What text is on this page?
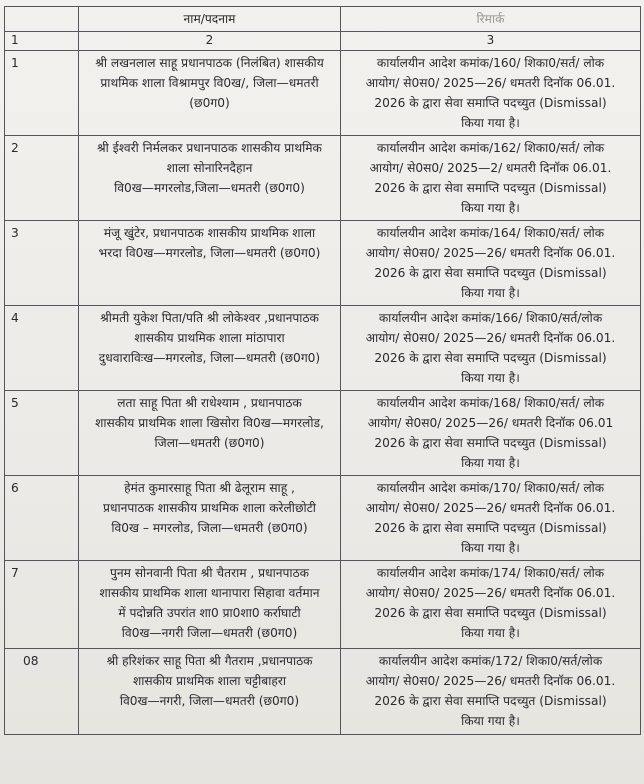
	नाम/पदनाम	रिमार्क
1	2	3
1	श्री लखनलाल साहू प्रधानपाठक (निलंबित) शासकीय
प्राथमिक शाला विश्रामपुर वि0ख/, जिला—धमतरी
(छ0ग0)	कार्यालयीन आदेश कमांक/160/ शिका0/सर्त/ लोक
आयोग/ से0स0/ 2025—26/ धमतरी दिनॉक 06.01.
2026 के द्वारा सेवा समाप्ति पदच्युत (Dismissal)
किया गया है।

2	श्री ईश्वरी निर्मलकर प्रधानपाठक शासकीय प्राथमिक
शाला सोनारिनदैहान
वि0ख—मगरलोड,जिला—धमतरी (छ0ग0)	कार्यालयीन आदेश कमांक/162/ शिका0/सर्त/ लोक
आयोग/ से0स0/ 2025—2/ धमतरी दिनॉक 06.01.
2026 के द्वारा सेवा समाप्ति पदच्युत (Dismissal)
किया गया है।

3	मंजू खुंटेर, प्रधानपाठक शासकीय प्राथमिक शाला
भरदा वि0ख—मगरलोड, जिला—धमतरी (छ0ग0)	कार्यालयीन आदेश कमांक/164/ शिका0/सर्त/ लोक
आयोग/ से0स0/ 2025—26/ धमतरी दिनॉक 06.01.
2026 के द्वारा सेवा समाप्ति पदच्युत (Dismissal)
किया गया है।

4	श्रीमती युकेश पिता/पति श्री लोकेश्वर ,प्रधानपाठक
शासकीय प्राथमिक शाला मांठापारा
दुधवाराविःख—मगरलोड, जिला—धमतरी (छ0ग0)	कार्यालयीन आदेश कमांक/166/ शिका0/सर्त/लोक
आयोग/ से0स0/ 2025—26/ धमतरी दिनॉक 06.01.
2026 के द्वारा सेवा समाप्ति पदच्युत (Dismissal)
किया गया है।

5	लता साहू पिता श्री राधेश्याम , प्रधानपाठक
शासकीय प्राथमिक शाला खिसोरा वि0ख—मगरलोड,
जिला—धमतरी (छ0ग0)	कार्यालयीन आदेश कमांक/168/ शिका0/सर्त/ लोक
आयोग/ से0स0/ 2025—26/ धमतरी दिनॉक 06.01
2026 के द्वारा सेवा समाप्ति पदच्युत (Dismissal)
किया गया है।

6	हेमंत कुमारसाहू पिता श्री ढेलूराम साहू ,
प्रधानपाठक शासकीय प्राथमिक शाला करेलीछोटी
वि0ख – मगरलोड, जिला—धमतरी (छ0ग0)	कार्यालयीन आदेश कमांक/170/ शिका0/सर्त/ लोक
आयोग/ से0स0/ 2025—26/ धमतरी दिनॉक 06.01.
2026 के द्वारा सेवा समाप्ति पदच्युत (Dismissal)
किया गया है।

7	पुनम सोनवानी पिता श्री चैतराम , प्रधानपाठक
शासकीय प्राथमिक शाला थानापारा सिहावा वर्तमान
में पदोन्नति उपरांत शा0 प्रा0शा0 कर्राघाटी
वि0ख—नगरी जिला—धमतरी (छ0ग0)	कार्यालयीन आदेश कमांक/174/ शिका0/सर्त/ लोक
आयोग/ से0स0/ 2025—26/ धमतरी दिनॉक 06.01.
2026 के द्वारा सेवा समाप्ति पदच्युत (Dismissal)
किया गया है।

08	श्री हरिशंकर साहू पिता श्री गैतराम ,प्रधानपाठक
शासकीय प्राथमिक शाला चट्टीबाहरा
वि0ख—नगरी, जिला—धमतरी (छ0ग0)	कार्यालयीन आदेश कमांक/172/ शिका0/सर्त/लोक
आयोग/ से0स0/ 2025—26/ धमतरी दिनॉक 06.01.
2026 के द्वारा सेवा समाप्ति पदच्युत (Dismissal)
किया गया है।
